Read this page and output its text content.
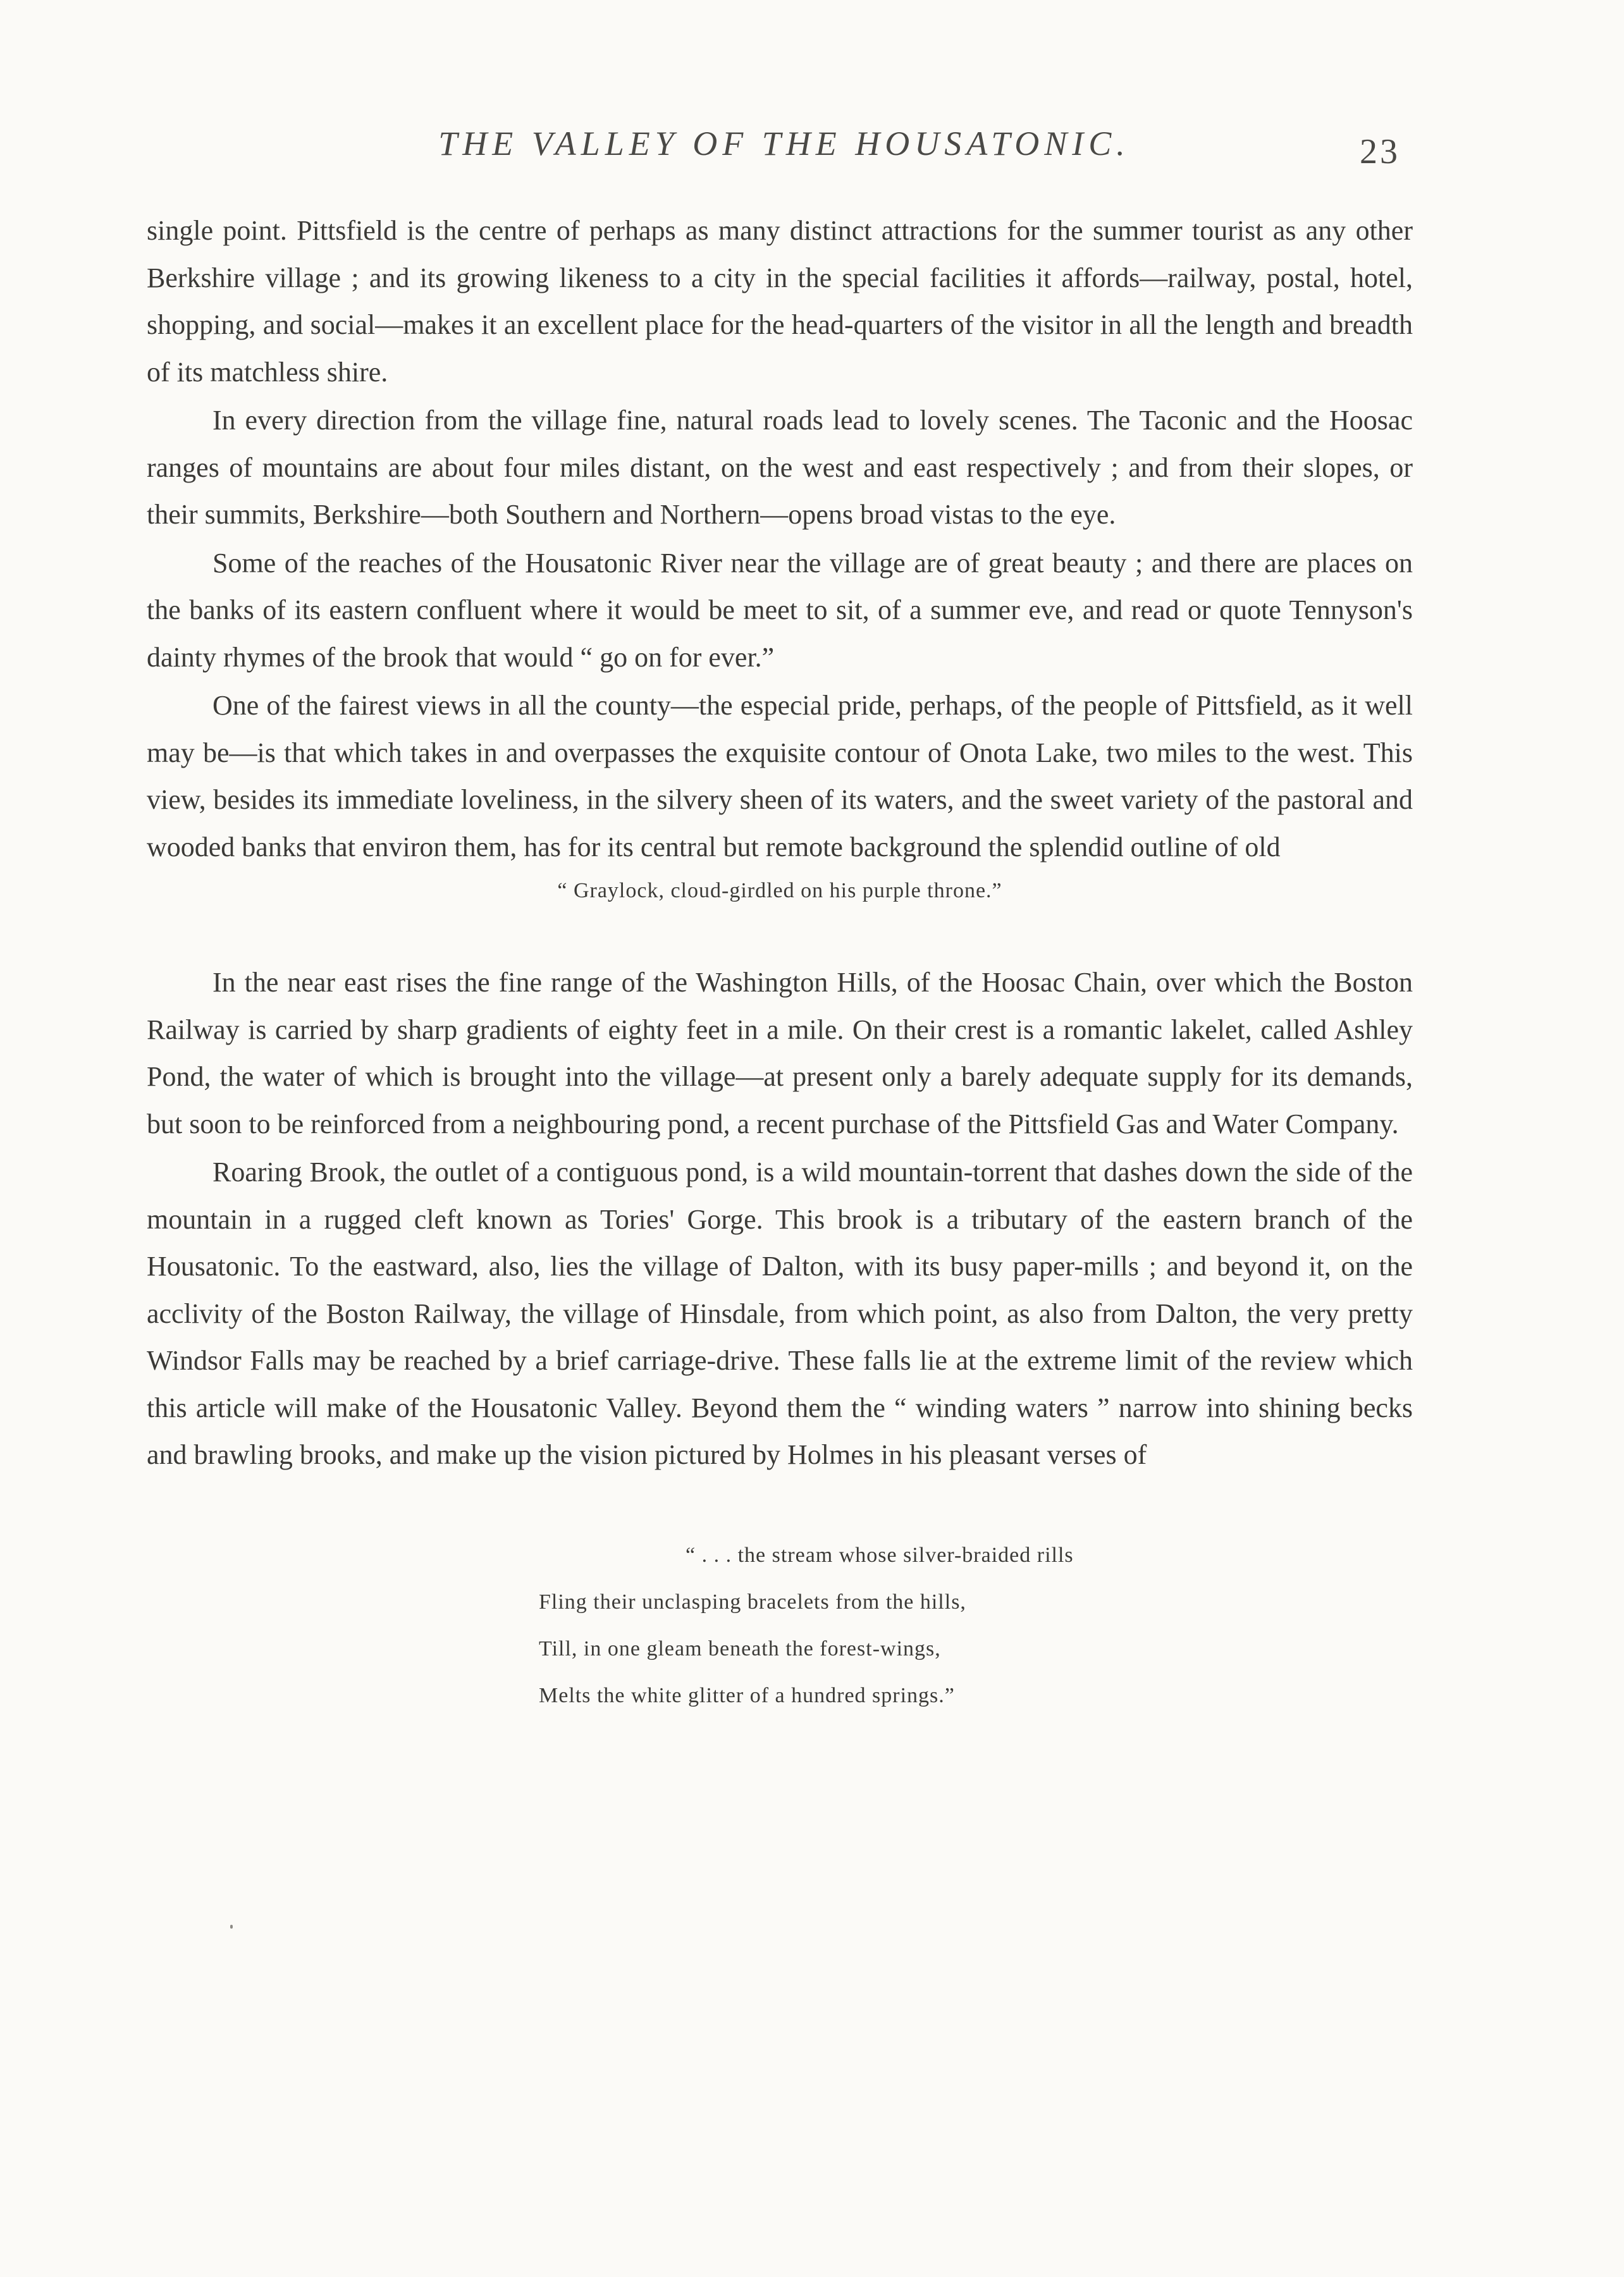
THE VALLEY OF THE HOUSATONIC.	23

single point. Pittsfield is the centre of perhaps as many distinct attractions for the summer tourist as any other Berkshire village ; and its growing likeness to a city in the special facilities it affords—railway, postal, hotel, shopping, and social—makes it an excellent place for the head-quarters of the visitor in all the length and breadth of its matchless shire.

In every direction from the village fine, natural roads lead to lovely scenes. The Taconic and the Hoosac ranges of mountains are about four miles distant, on the west and east respectively ; and from their slopes, or their summits, Berkshire—both Southern and Northern—opens broad vistas to the eye.

Some of the reaches of the Housatonic River near the village are of great beauty ; and there are places on the banks of its eastern confluent where it would be meet to sit, of a summer eve, and read or quote Tennyson's dainty rhymes of the brook that would “ go on for ever.”

One of the fairest views in all the county—the especial pride, perhaps, of the people of Pittsfield, as it well may be—is that which takes in and overpasses the exquisite contour of Onota Lake, two miles to the west. This view, besides its immediate loveliness, in the silvery sheen of its waters, and the sweet variety of the pastoral and wooded banks that environ them, has for its central but remote background the splendid outline of old

“ Graylock, cloud-girdled on his purple throne.”

In the near east rises the fine range of the Washington Hills, of the Hoosac Chain, over which the Boston Railway is carried by sharp gradients of eighty feet in a mile. On their crest is a romantic lakelet, called Ashley Pond, the water of which is brought into the village—at present only a barely adequate supply for its demands, but soon to be reinforced from a neighbouring pond, a recent purchase of the Pittsfield Gas and Water Company.

Roaring Brook, the outlet of a contiguous pond, is a wild mountain-torrent that dashes down the side of the mountain in a rugged cleft known as Tories' Gorge. This brook is a tributary of the eastern branch of the Housatonic. To the eastward, also, lies the village of Dalton, with its busy paper-mills ; and beyond it, on the acclivity of the Boston Railway, the village of Hinsdale, from which point, as also from Dalton, the very pretty Windsor Falls may be reached by a brief carriage-drive. These falls lie at the extreme limit of the review which this article will make of the Housatonic Valley. Beyond them the “ winding waters ” narrow into shining becks and brawling brooks, and make up the vision pictured by Holmes in his pleasant verses of

“ . . . the stream whose silver-braided rills
Fling their unclasping bracelets from the hills,
Till, in one gleam beneath the forest-wings,
Melts the white glitter of a hundred springs.”
